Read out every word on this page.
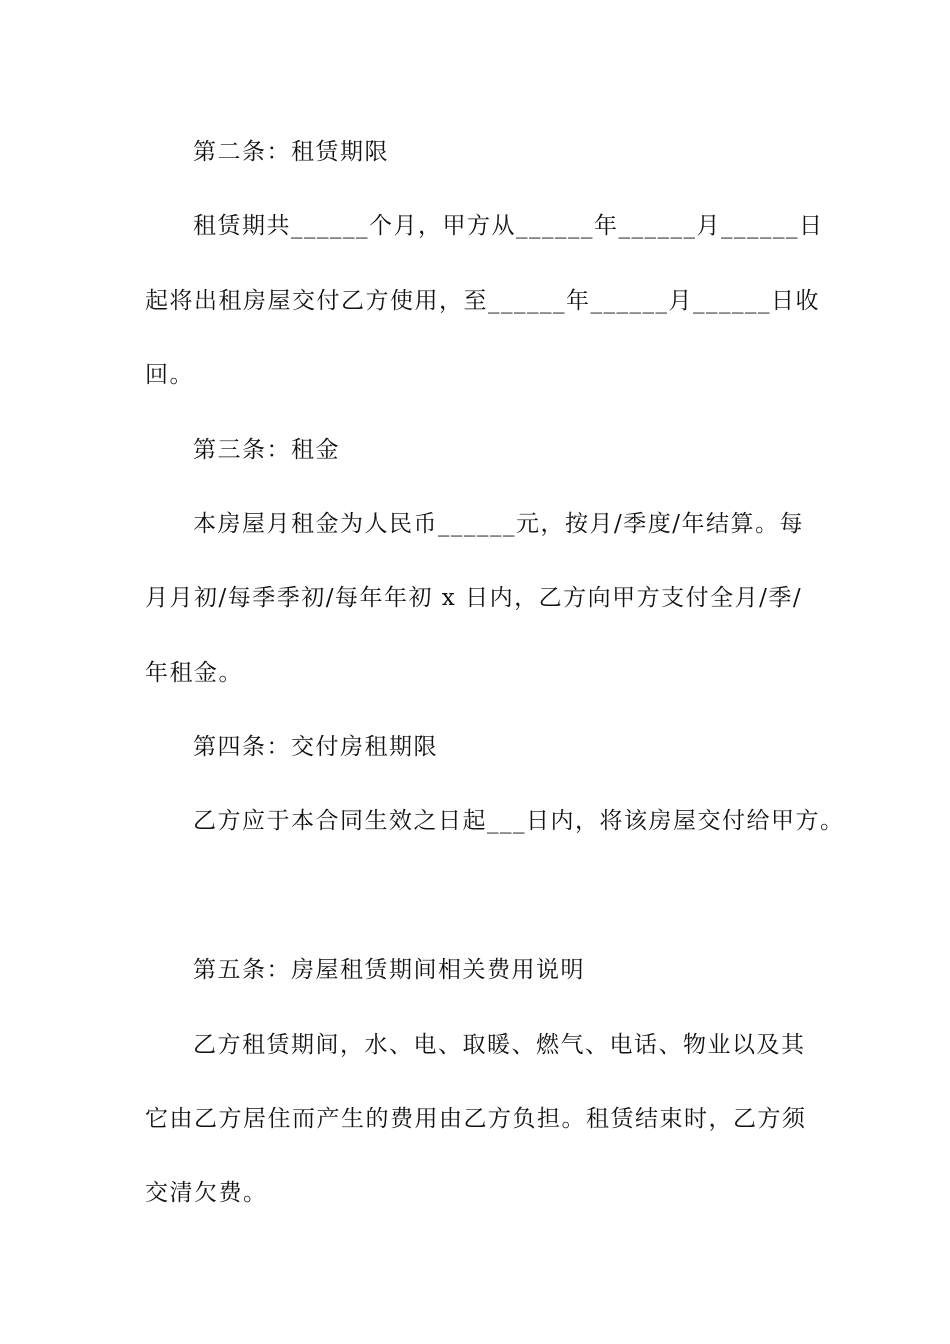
第二条：租赁期限
租赁期共______个月，甲方从______年______月______日
起将出租房屋交付乙方使用，至______年______月______日收
回。
第三条：租金
本房屋月租金为人民币______元，按月/季度/年结算。每
月月初/每季季初/每年年初 x 日内，乙方向甲方支付全月/季/
年租金。
第四条：交付房租期限
乙方应于本合同生效之日起___日内，将该房屋交付给甲方。
第五条：房屋租赁期间相关费用说明
乙方租赁期间，水、电、取暖、燃气、电话、物业以及其
它由乙方居住而产生的费用由乙方负担。租赁结束时，乙方须
交清欠费。
